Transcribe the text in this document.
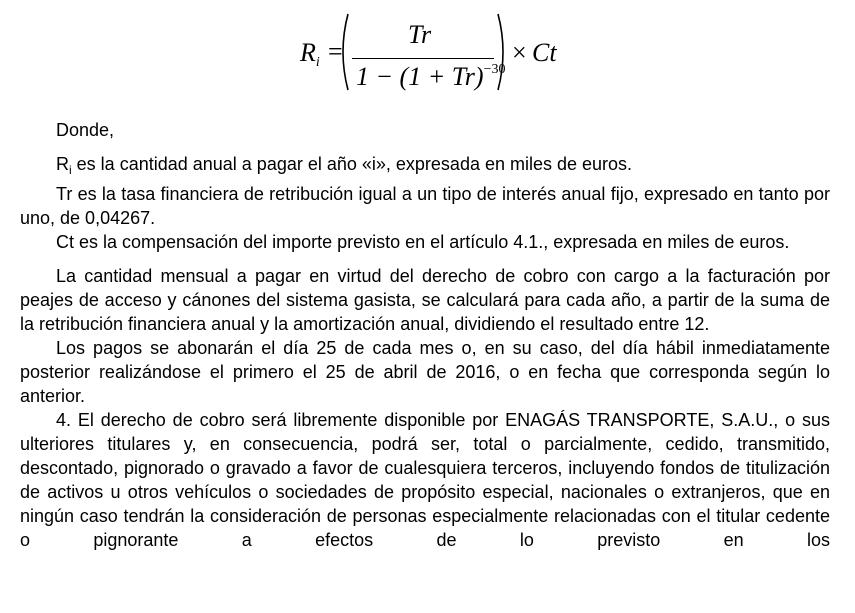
$R_i$ =
Tr
$1 - (1 + Tr)^{-30}$
× Ct

Donde,

$R_i$ es la cantidad anual a pagar el año «i», expresada en miles de euros.

Tr es la tasa financiera de retribución igual a un tipo de interés anual fijo, expresado en tanto por uno, de 0,04267.

Ct es la compensación del importe previsto en el artículo 4.1., expresada en miles de euros.

La cantidad mensual a pagar en virtud del derecho de cobro con cargo a la facturación por peajes de acceso y cánones del sistema gasista, se calculará para cada año, a partir de la suma de la retribución financiera anual y la amortización anual, dividiendo el resultado entre 12.

Los pagos se abonarán el día 25 de cada mes o, en su caso, del día hábil inmediatamente posterior realizándose el primero el 25 de abril de 2016, o en fecha que corresponda según lo anterior.

4. El derecho de cobro será libremente disponible por ENAGÁS TRANSPORTE, S.A.U., o sus ulteriores titulares y, en consecuencia, podrá ser, total o parcialmente, cedido, transmitido, descontado, pignorado o gravado a favor de cualesquiera terceros, incluyendo fondos de titulización de activos u otros vehículos o sociedades de propósito especial, nacionales o extranjeros, que en ningún caso tendrán la consideración de personas especialmente relacionadas con el titular cedente o pignorante a efectos de lo previsto en los
